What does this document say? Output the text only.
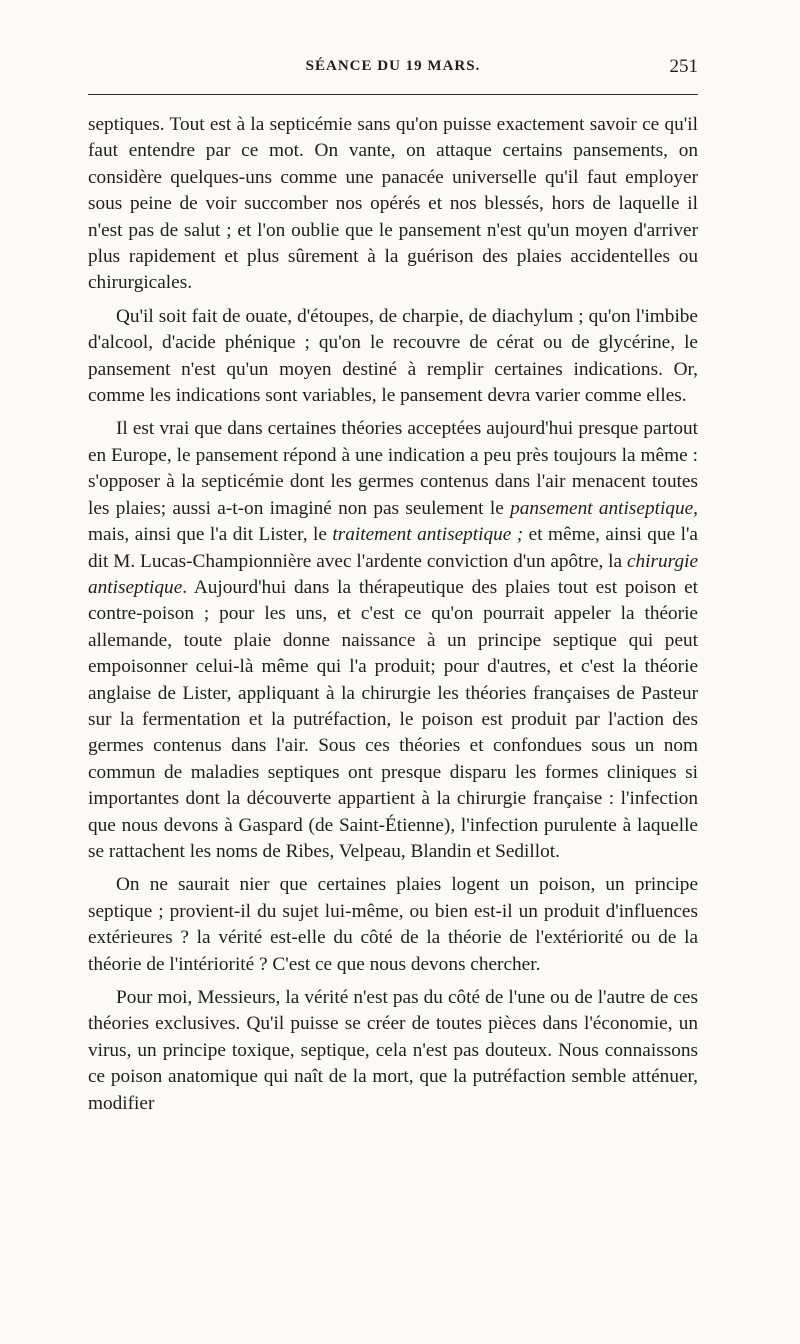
SÉANCE DU 19 MARS.	251

septiques. Tout est à la septicémie sans qu'on puisse exactement savoir ce qu'il faut entendre par ce mot. On vante, on attaque certains pansements, on considère quelques-uns comme une panacée universelle qu'il faut employer sous peine de voir succomber nos opérés et nos blessés, hors de laquelle il n'est pas de salut ; et l'on oublie que le pansement n'est qu'un moyen d'arriver plus rapidement et plus sûrement à la guérison des plaies accidentelles ou chirurgicales.

Qu'il soit fait de ouate, d'étoupes, de charpie, de diachylum ; qu'on l'imbibe d'alcool, d'acide phénique ; qu'on le recouvre de cérat ou de glycérine, le pansement n'est qu'un moyen destiné à remplir certaines indications. Or, comme les indications sont variables, le pansement devra varier comme elles.

Il est vrai que dans certaines théories acceptées aujourd'hui presque partout en Europe, le pansement répond à une indication a peu près toujours la même : s'opposer à la septicémie dont les germes contenus dans l'air menacent toutes les plaies; aussi a-t-on imaginé non pas seulement le pansement antiseptique, mais, ainsi que l'a dit Lister, le traitement antiseptique ; et même, ainsi que l'a dit M. Lucas-Championnière avec l'ardente conviction d'un apôtre, la chirurgie antiseptique. Aujourd'hui dans la thérapeutique des plaies tout est poison et contre-poison ; pour les uns, et c'est ce qu'on pourrait appeler la théorie allemande, toute plaie donne naissance à un principe septique qui peut empoisonner celui-là même qui l'a produit; pour d'autres, et c'est la théorie anglaise de Lister, appliquant à la chirurgie les théories françaises de Pasteur sur la fermentation et la putréfaction, le poison est produit par l'action des germes contenus dans l'air. Sous ces théories et confondues sous un nom commun de maladies septiques ont presque disparu les formes cliniques si importantes dont la découverte appartient à la chirurgie française : l'infection que nous devons à Gaspard (de Saint-Étienne), l'infection purulente à laquelle se rattachent les noms de Ribes, Velpeau, Blandin et Sedillot.

On ne saurait nier que certaines plaies logent un poison, un principe septique ; provient-il du sujet lui-même, ou bien est-il un produit d'influences extérieures ? la vérité est-elle du côté de la théorie de l'extériorité ou de la théorie de l'intériorité ? C'est ce que nous devons chercher.

Pour moi, Messieurs, la vérité n'est pas du côté de l'une ou de l'autre de ces théories exclusives. Qu'il puisse se créer de toutes pièces dans l'économie, un virus, un principe toxique, septique, cela n'est pas douteux. Nous connaissons ce poison anatomique qui naît de la mort, que la putréfaction semble atténuer, modifier
